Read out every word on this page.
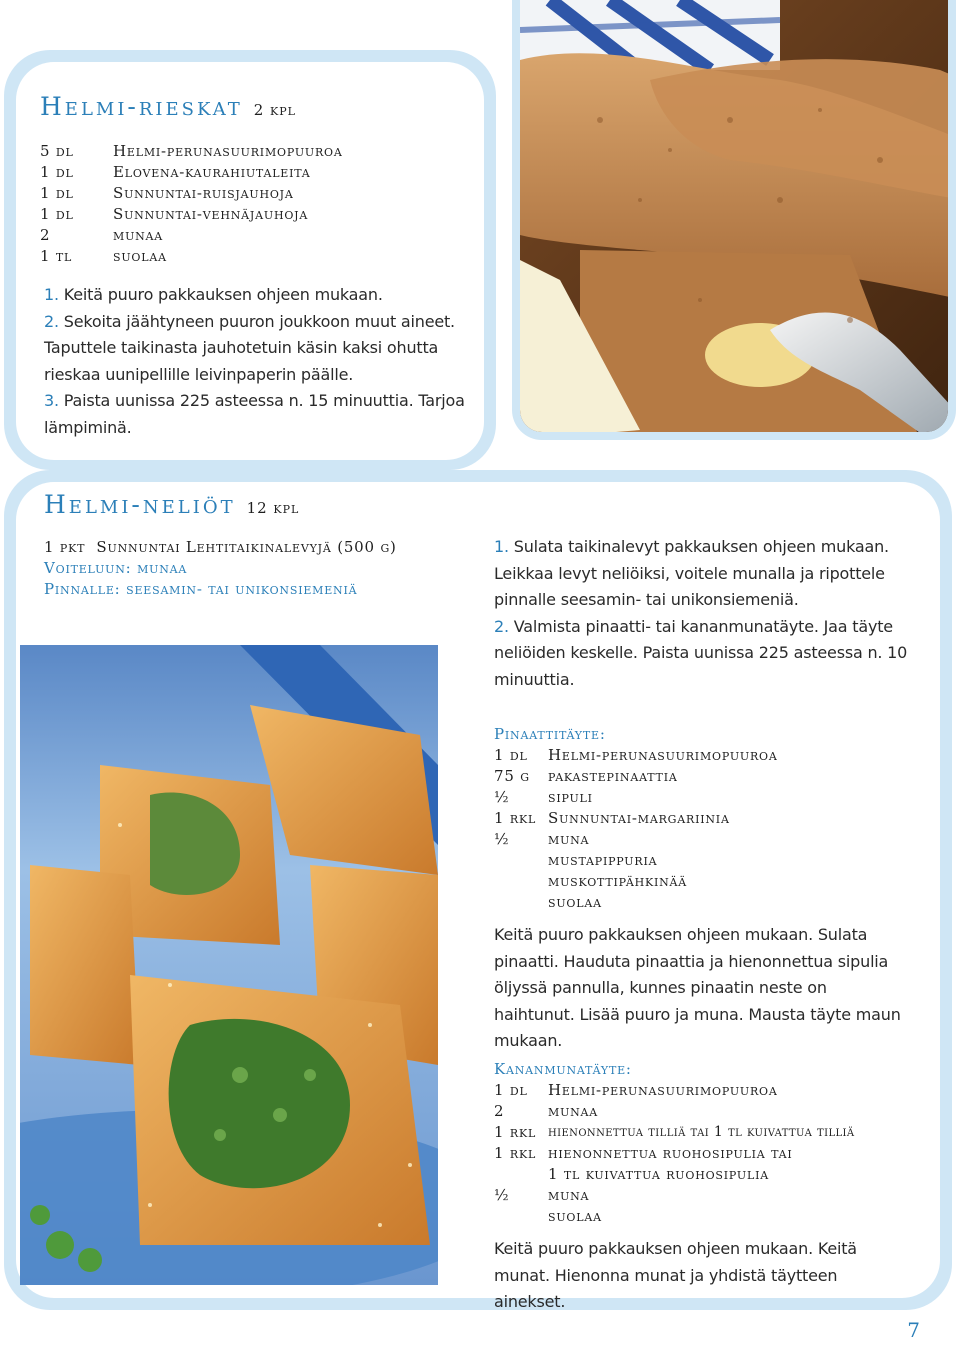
Helmi-rieskat 2 kpl
5 dl	Helmi-perunasuurimopuuroa
1 dl	Elovena-kaurahiutaleita
1 dl	Sunnuntai-ruisjauhoja
1 dl	Sunnuntai-vehnäjauhoja
2	munaa
1 tl	suolaa

1. Keitä puuro pakkauksen ohjeen mukaan.

2. Sekoita jäähtyneen puuron joukkoon muut aineet. Taputtele taikinasta jauhotetuin käsin kaksi ohutta rieskaa uunipellille leivinpaperin päälle.

3. Paista uunissa 225 asteessa n. 15 minuuttia. Tarjoa lämpiminä.

Helmi-neliöt 12 kpl
1 pkt
Sunnuntai Lehtitaikinalevyjä (500 g)
Voiteluun:
munaa
Pinnalle:
seesamin- tai unikonsiemeniä

1. Sulata taikinalevyt pakkauksen ohjeen mukaan. Leikkaa levyt neliöiksi, voitele munalla ja ripottele pinnalle seesamin- tai unikonsiemeniä.

2. Valmista pinaatti- tai kananmunatäyte. Jaa täyte neliöiden keskelle. Paista uunissa 225 asteessa n. 10 minuuttia.

Pinaattitäyte:
1 dl	Helmi-perunasuurimopuuroa
75 g	pakastepinaattia
½	sipuli
1 rkl Sunnuntai-margariinia
½	muna
mustapippuria
muskottipähkinää
suolaa

Keitä puuro pakkauksen ohjeen mukaan. Sulata pinaatti. Hauduta pinaattia ja hienonnettua sipulia öljyssä pannulla, kunnes pinaatin neste on haihtunut. Lisää puuro ja muna. Mausta täyte maun mukaan.

Kananmunatäyte:
1 dl	Helmi-perunasuurimopuuroa
2	munaa
1 rkl hienonnettua tilliä tai 1 tl kuivattua tilliä
1 rkl hienonnettua ruohosipulia tai
1 tl kuivattua ruohosipulia
½	muna
suolaa

Keitä puuro pakkauksen ohjeen mukaan. Keitä munat. Hienonna munat ja yhdistä täytteen ainekset.

7
